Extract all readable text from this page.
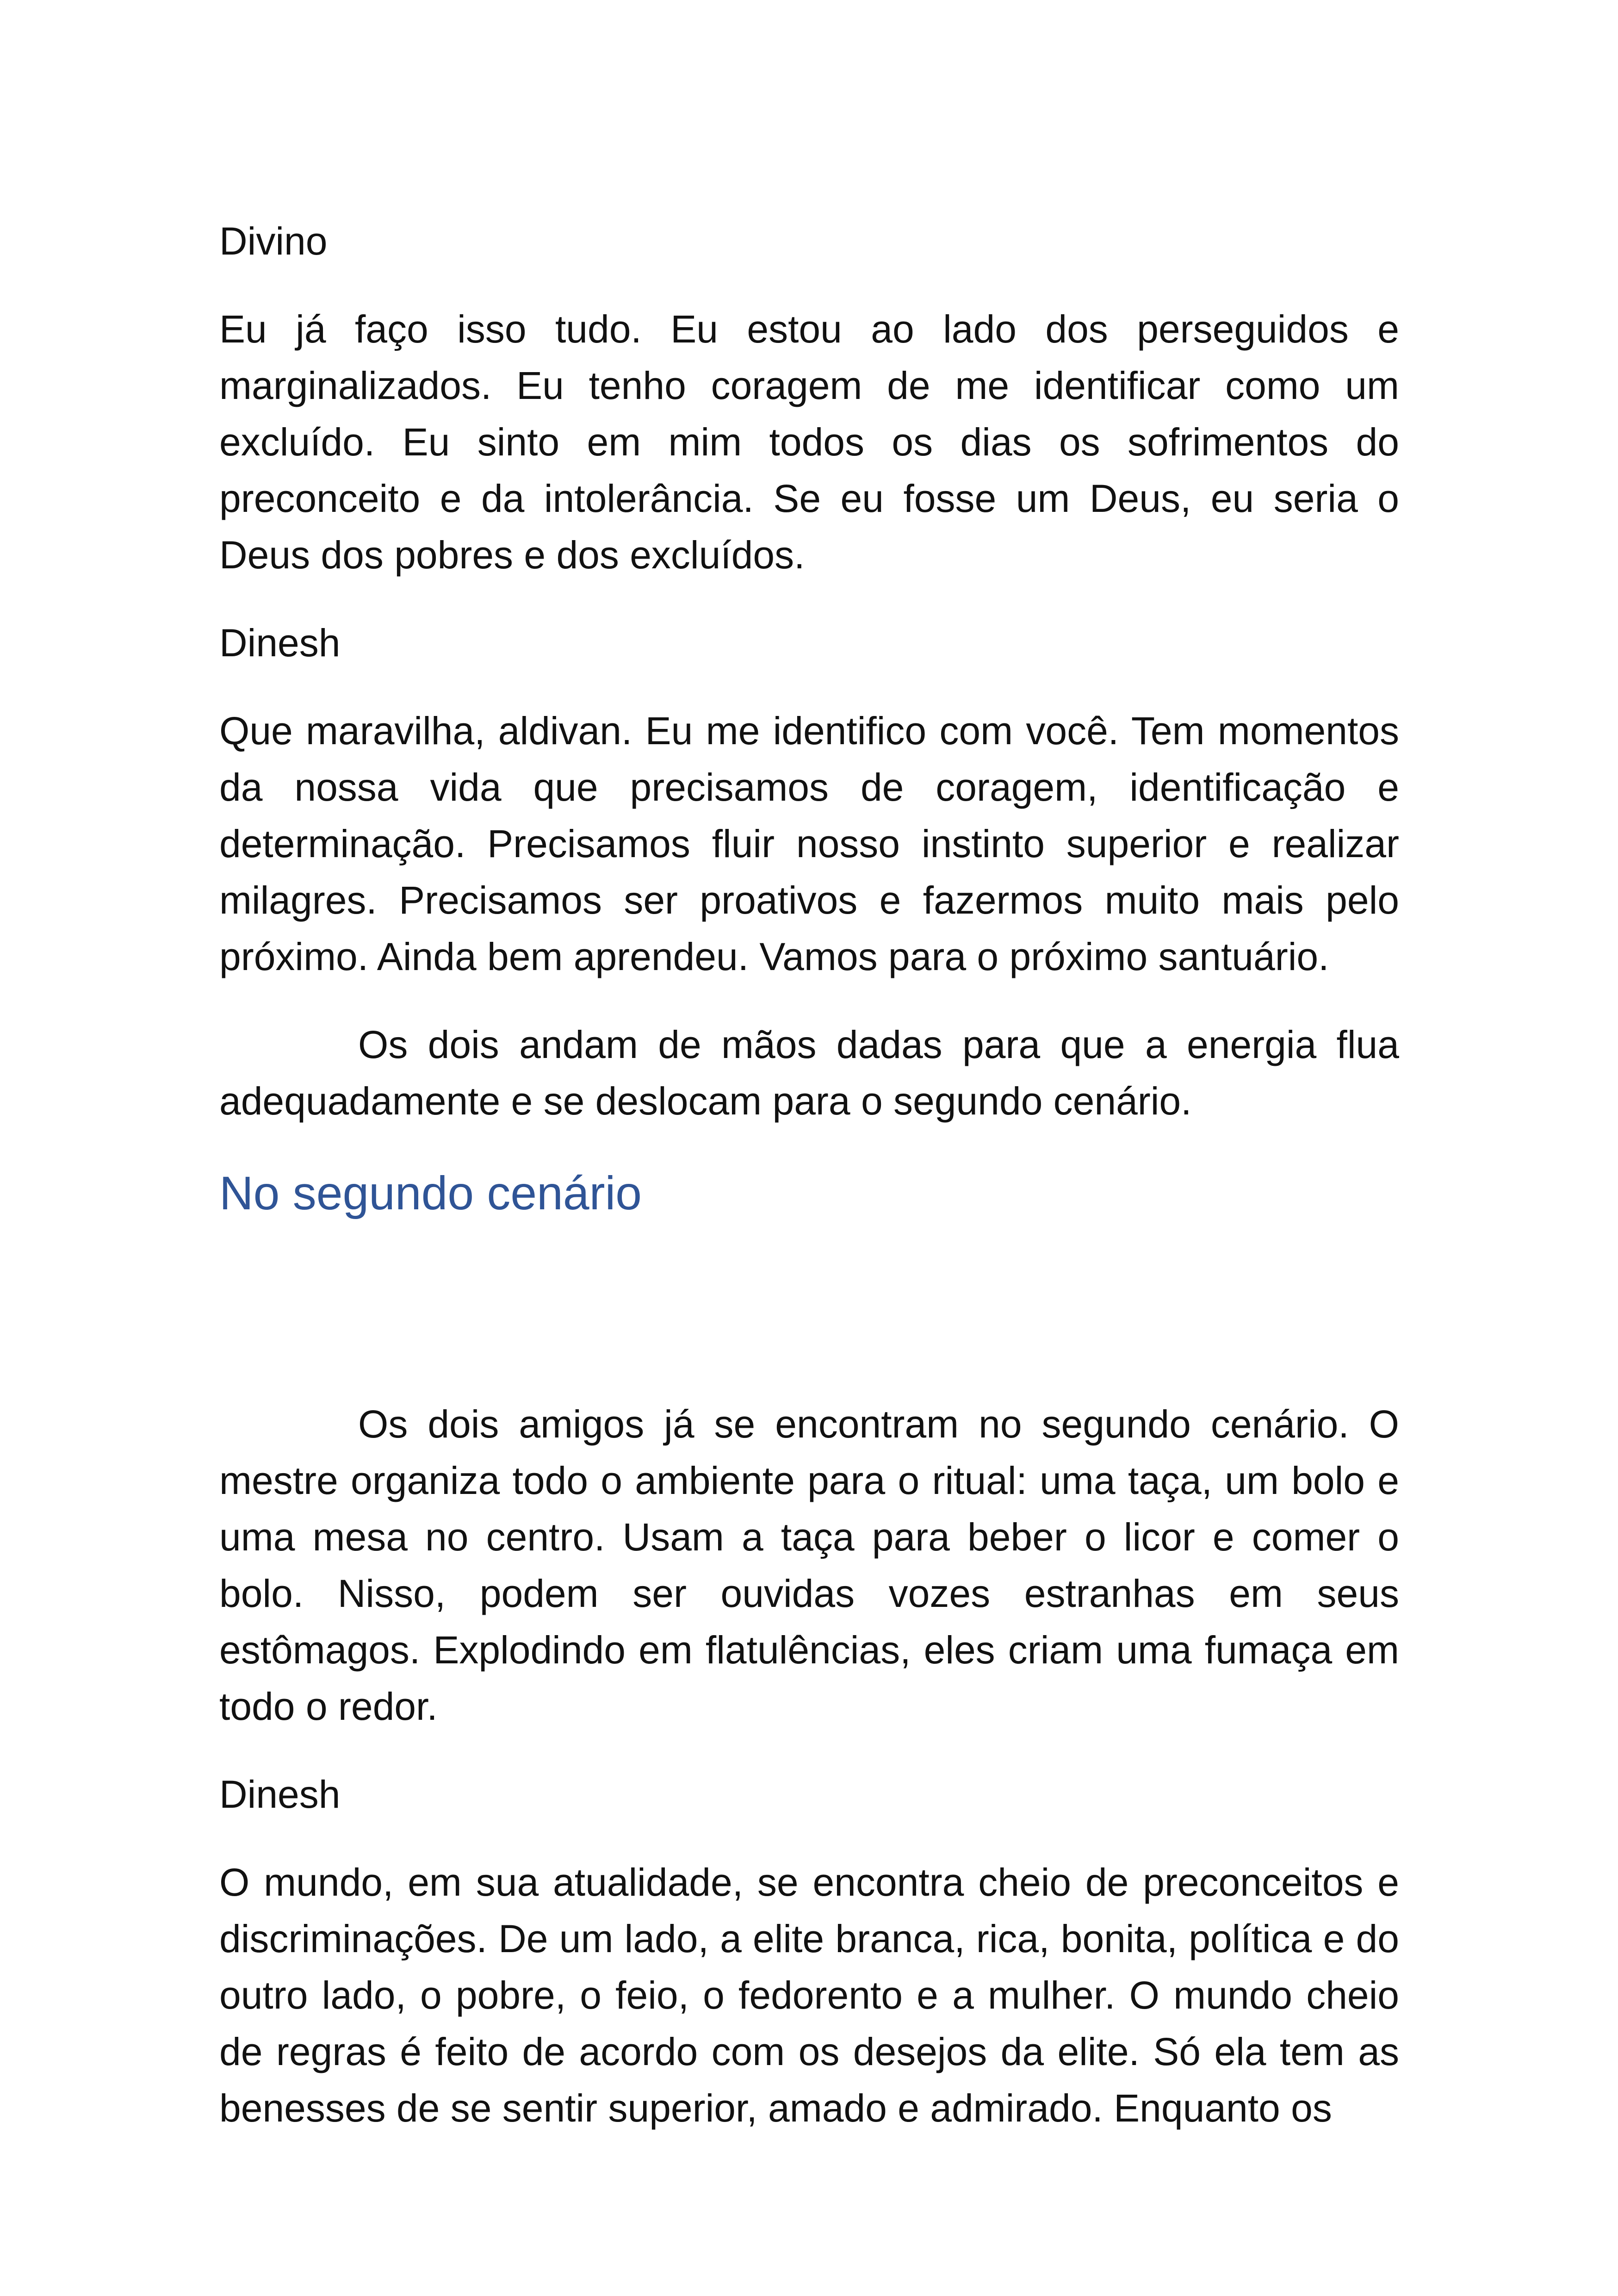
Divino

Eu já faço isso tudo. Eu estou ao lado dos perseguidos e marginalizados. Eu tenho coragem de me identificar como um excluído. Eu sinto em mim todos os dias os sofrimentos do preconceito e da intolerância. Se eu fosse um Deus, eu seria o Deus dos pobres e dos excluídos.

Dinesh

Que maravilha, aldivan. Eu me identifico com você. Tem momentos da nossa vida que precisamos de coragem, identificação e determinação. Precisamos fluir nosso instinto superior e realizar milagres. Precisamos ser proativos e fazermos muito mais pelo próximo. Ainda bem aprendeu. Vamos para o próximo santuário.

Os dois andam de mãos dadas para que a energia flua adequadamente e se deslocam para o segundo cenário.

No segundo cenário

Os dois amigos já se encontram no segundo cenário. O mestre organiza todo o ambiente para o ritual: uma taça, um bolo e uma mesa no centro. Usam a taça para beber o licor e comer o bolo. Nisso, podem ser ouvidas vozes estranhas em seus estômagos. Explodindo em flatulências, eles criam uma fumaça em todo o redor.

Dinesh

O mundo, em sua atualidade, se encontra cheio de preconceitos e discriminações. De um lado, a elite branca, rica, bonita, política e do outro lado, o pobre, o feio, o fedorento e a mulher. O mundo cheio de regras é feito de acordo com os desejos da elite. Só ela tem as benesses de se sentir superior, amado e admirado. Enquanto os
